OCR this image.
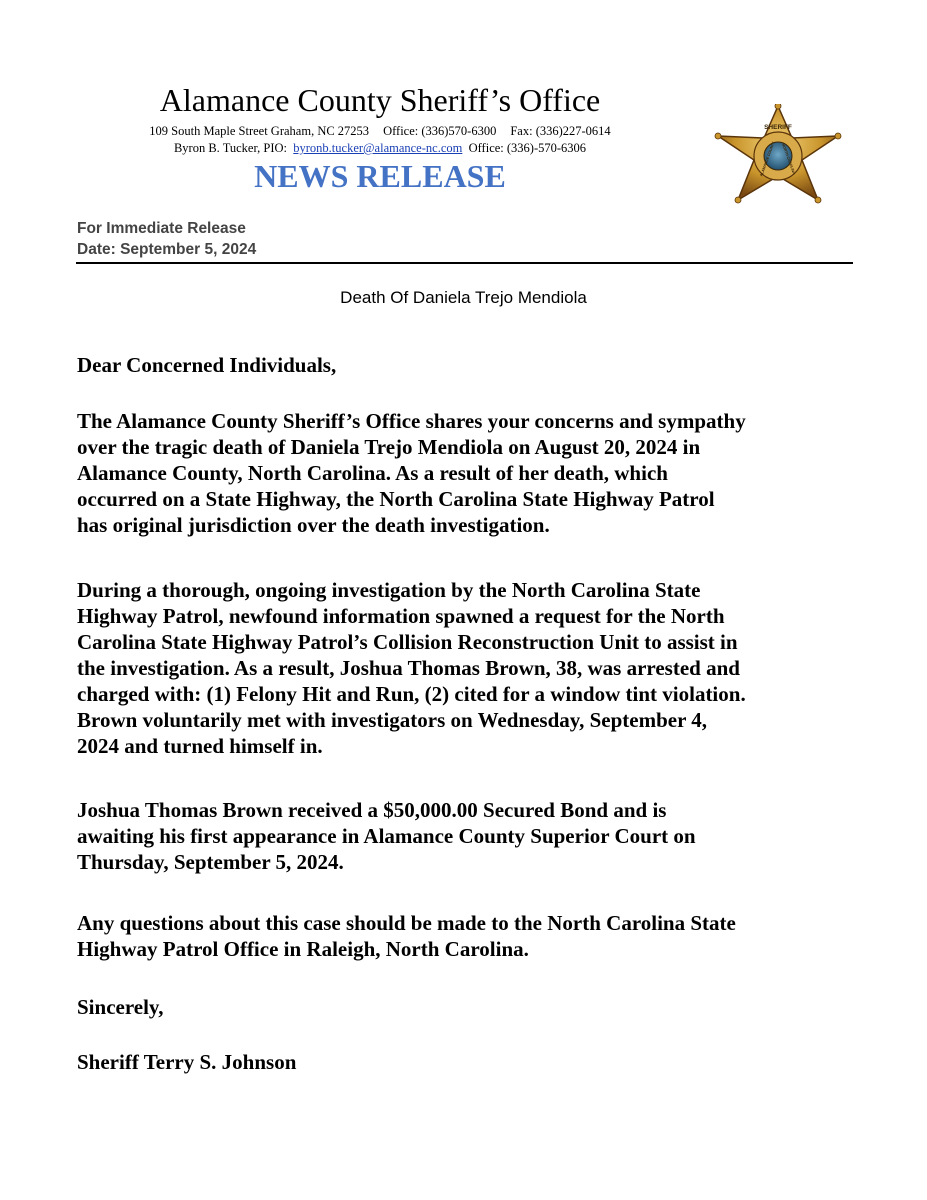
Alamance County Sheriff’s Office
109 South Maple Street Graham, NC 27253 Office: (336)570-6300 Fax: (336)227-0614
Byron B. Tucker, PIO: byronb.tucker@alamance-nc.com Office: (336)-570-6306
NEWS RELEASE
SHERIFF
ALAMANCE COUNTY NORTH CAROLINA
For Immediate Release
Date: September 5, 2024
Death Of Daniela Trejo Mendiola

Dear Concerned Individuals,

The Alamance County Sheriff’s Office shares your concerns and sympathy
over the tragic death of Daniela Trejo Mendiola on August 20, 2024 in
Alamance County, North Carolina. As a result of her death, which
occurred on a State Highway, the North Carolina State Highway Patrol
has original jurisdiction over the death investigation.

During a thorough, ongoing investigation by the North Carolina State
Highway Patrol, newfound information spawned a request for the North
Carolina State Highway Patrol’s Collision Reconstruction Unit to assist in
the investigation. As a result, Joshua Thomas Brown, 38, was arrested and
charged with: (1) Felony Hit and Run, (2) cited for a window tint violation.
Brown voluntarily met with investigators on Wednesday, September 4,
2024 and turned himself in.

Joshua Thomas Brown received a $50,000.00 Secured Bond and is
awaiting his first appearance in Alamance County Superior Court on
Thursday, September 5, 2024.

Any questions about this case should be made to the North Carolina State
Highway Patrol Office in Raleigh, North Carolina.

Sincerely,

Sheriff Terry S. Johnson
